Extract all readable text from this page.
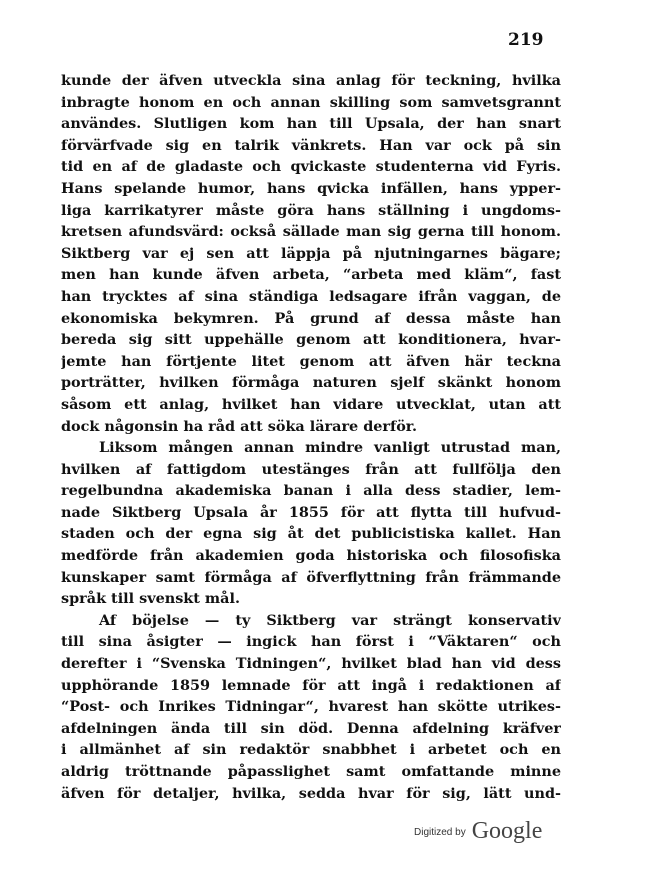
219
kunde der äfven utveckla sina anlag för teckning, hvilka
inbragte honom en och annan skilling som samvetsgrannt
användes. Slutligen kom han till Upsala, der han snart
förvärfvade sig en talrik vänkrets. Han var ock på sin
tid en af de gladaste och qvickaste studenterna vid Fyris.
Hans spelande humor, hans qvicka infällen, hans ypper-
liga karrikatyrer måste göra hans ställning i ungdoms-
kretsen afundsvärd: också sällade man sig gerna till honom.
Siktberg var ej sen att läppja på njutningarnes bägare;
men han kunde äfven arbeta, “arbeta med kläm“, fast
han trycktes af sina ständiga ledsagare ifrån vaggan, de
ekonomiska bekymren. På grund af dessa måste han
bereda sig sitt uppehälle genom att konditionera, hvar-
jemte han förtjente litet genom att äfven här teckna
porträtter, hvilken förmåga naturen sjelf skänkt honom
såsom ett anlag, hvilket han vidare utvecklat, utan att
dock någonsin ha råd att söka lärare derför.
Liksom mången annan mindre vanligt utrustad man,
hvilken af fattigdom utestänges från att fullfölja den
regelbundna akademiska banan i alla dess stadier, lem-
nade Siktberg Upsala år 1855 för att flytta till hufvud-
staden och der egna sig åt det publicistiska kallet. Han
medförde från akademien goda historiska och filosofiska
kunskaper samt förmåga af öfverflyttning från främmande
språk till svenskt mål.
Af böjelse — ty Siktberg var strängt konservativ
till sina åsigter — ingick han först i “Väktaren“ och
derefter i “Svenska Tidningen“, hvilket blad han vid dess
upphörande 1859 lemnade för att ingå i redaktionen af
“Post- och Inrikes Tidningar“, hvarest han skötte utrikes-
afdelningen ända till sin död. Denna afdelning kräfver
i allmänhet af sin redaktör snabbhet i arbetet och en
aldrig tröttnande påpasslighet samt omfattande minne
äfven för detaljer, hvilka, sedda hvar för sig, lätt und-
Digitized by Google
